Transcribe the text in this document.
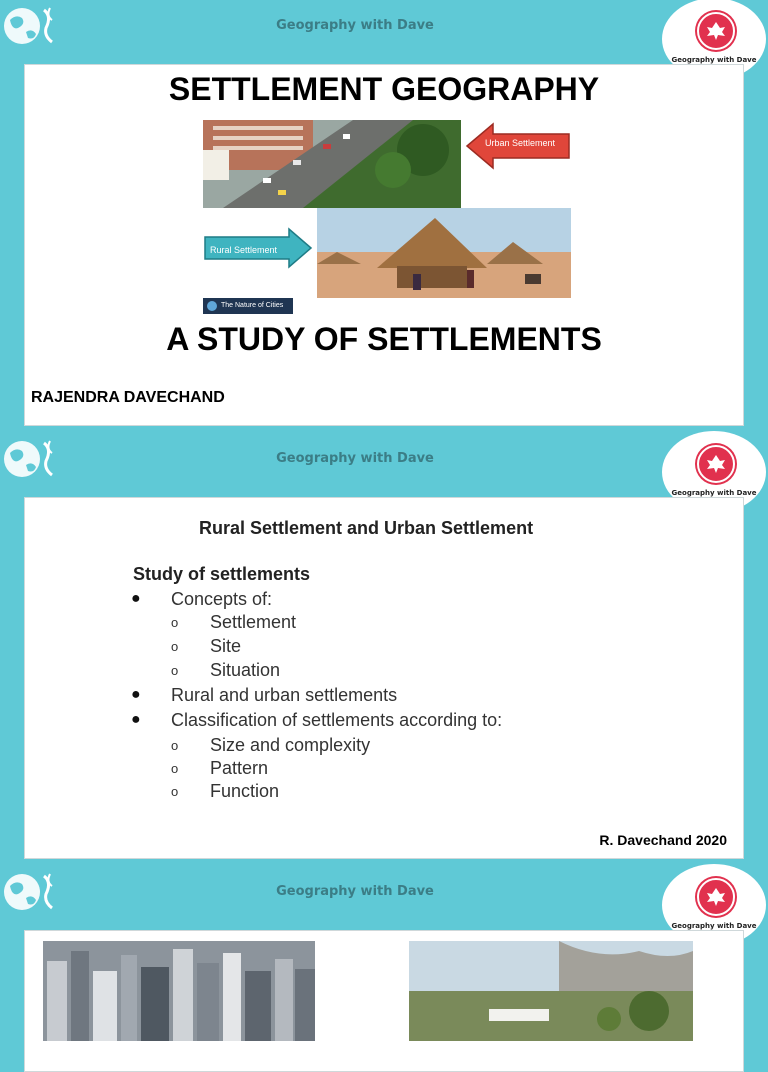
Geography with Dave
Geography with Dave
SETTLEMENT GEOGRAPHY
Urban Settlement
Rural Settlement
The Nature of Cities
A STUDY OF SETTLEMENTS
RAJENDRA DAVECHAND
Geography with Dave
Geography with Dave
Rural Settlement and Urban Settlement
Study of settlements
● Concepts of:
o Settlement
o Site
o Situation
● Rural and urban settlements
● Classification of settlements according to:
o Size and complexity
o Pattern
o Function
R. Davechand 2020
Geography with Dave
Geography with Dave
